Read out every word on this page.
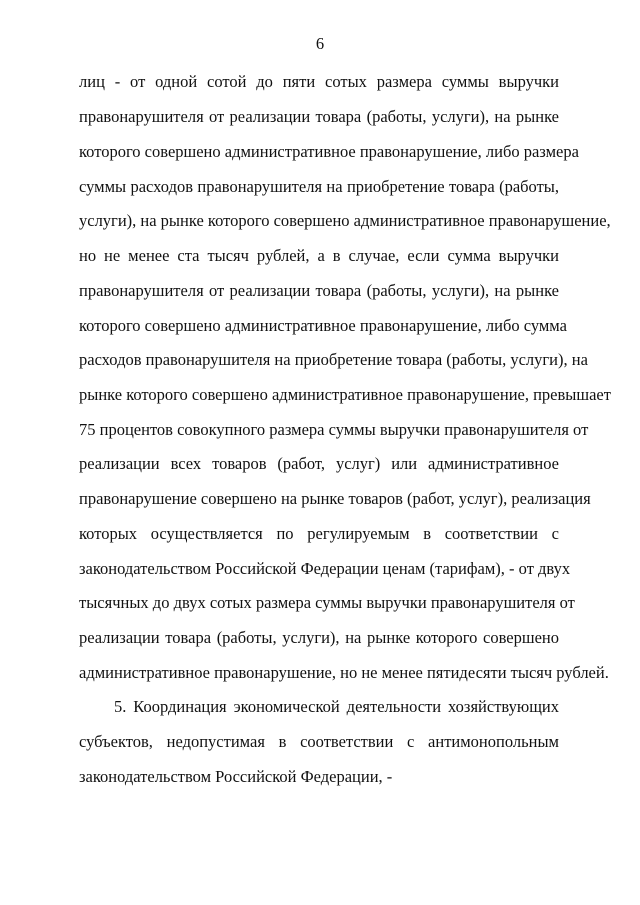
6
лиц - от одной сотой до пяти сотых размера суммы выручки
правонарушителя от реализации товара (работы, услуги), на рынке
которого совершено административное правонарушение, либо размера
суммы расходов правонарушителя на приобретение товара (работы,
услуги), на рынке которого совершено административное правонарушение,
но не менее ста тысяч рублей, а в случае, если сумма выручки
правонарушителя от реализации товара (работы, услуги), на рынке
которого совершено административное правонарушение, либо сумма
расходов правонарушителя на приобретение товара (работы, услуги), на
рынке которого совершено административное правонарушение, превышает
75 процентов совокупного размера суммы выручки правонарушителя от
реализации всех товаров (работ, услуг) или административное
правонарушение совершено на рынке товаров (работ, услуг), реализация
которых осуществляется по регулируемым в соответствии с
законодательством Российской Федерации ценам (тарифам), - от двух
тысячных до двух сотых размера суммы выручки правонарушителя от
реализации товара (работы, услуги), на рынке которого совершено
административное правонарушение, но не менее пятидесяти тысяч рублей.
5. Координация экономической деятельности хозяйствующих
субъектов, недопустимая в соответствии с антимонопольным
законодательством Российской Федерации, -
